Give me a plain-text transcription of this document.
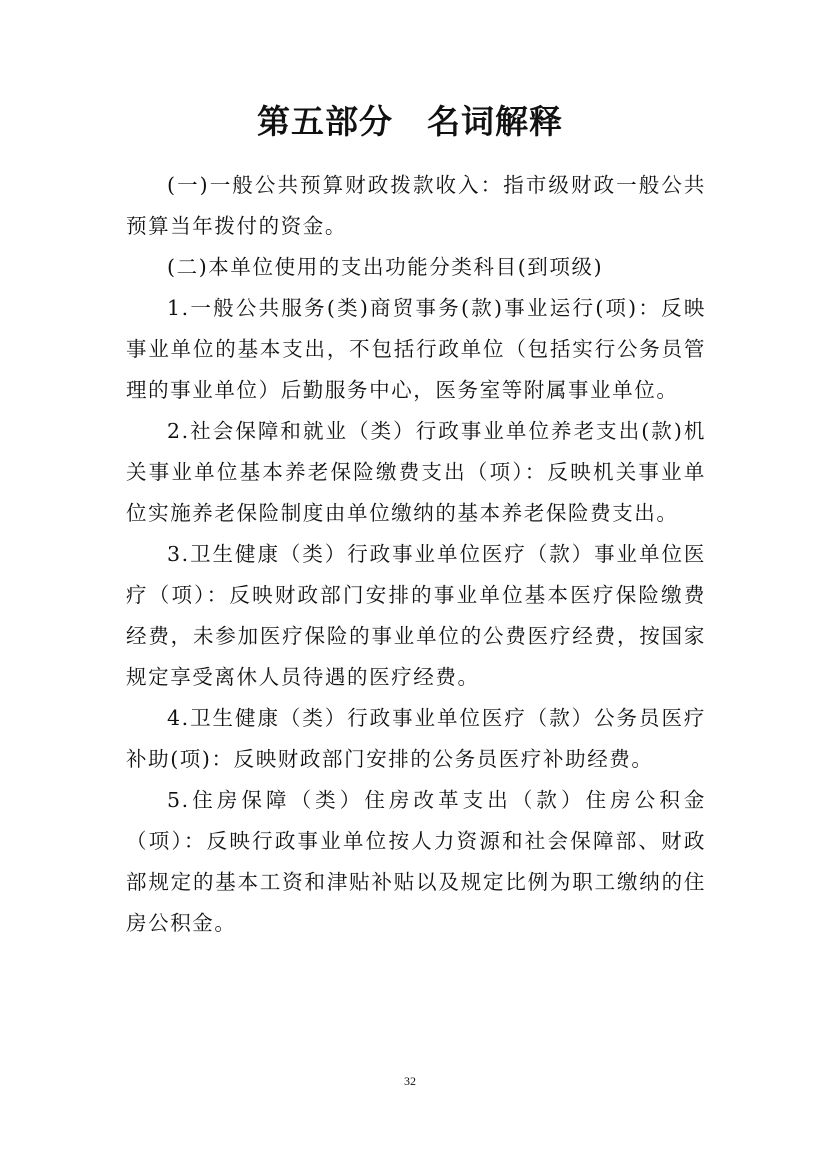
第五部分　名词解释

(一)一般公共预算财政拨款收入：指市级财政一般公共预算当年拨付的资金。

(二)本单位使用的支出功能分类科目(到项级)

1.一般公共服务(类)商贸事务(款)事业运行(项)：反映事业单位的基本支出，不包括行政单位（包括实行公务员管理的事业单位）后勤服务中心，医务室等附属事业单位。

2.社会保障和就业（类）行政事业单位养老支出(款)机关事业单位基本养老保险缴费支出（项）：反映机关事业单位实施养老保险制度由单位缴纳的基本养老保险费支出。

3.卫生健康（类）行政事业单位医疗（款）事业单位医疗（项）：反映财政部门安排的事业单位基本医疗保险缴费经费，未参加医疗保险的事业单位的公费医疗经费，按国家规定享受离休人员待遇的医疗经费。

4.卫生健康（类）行政事业单位医疗（款）公务员医疗补助(项)：反映财政部门安排的公务员医疗补助经费。

5.住房保障（类）住房改革支出（款）住房公积金（项）：反映行政事业单位按人力资源和社会保障部、财政部规定的基本工资和津贴补贴以及规定比例为职工缴纳的住房公积金。

32
